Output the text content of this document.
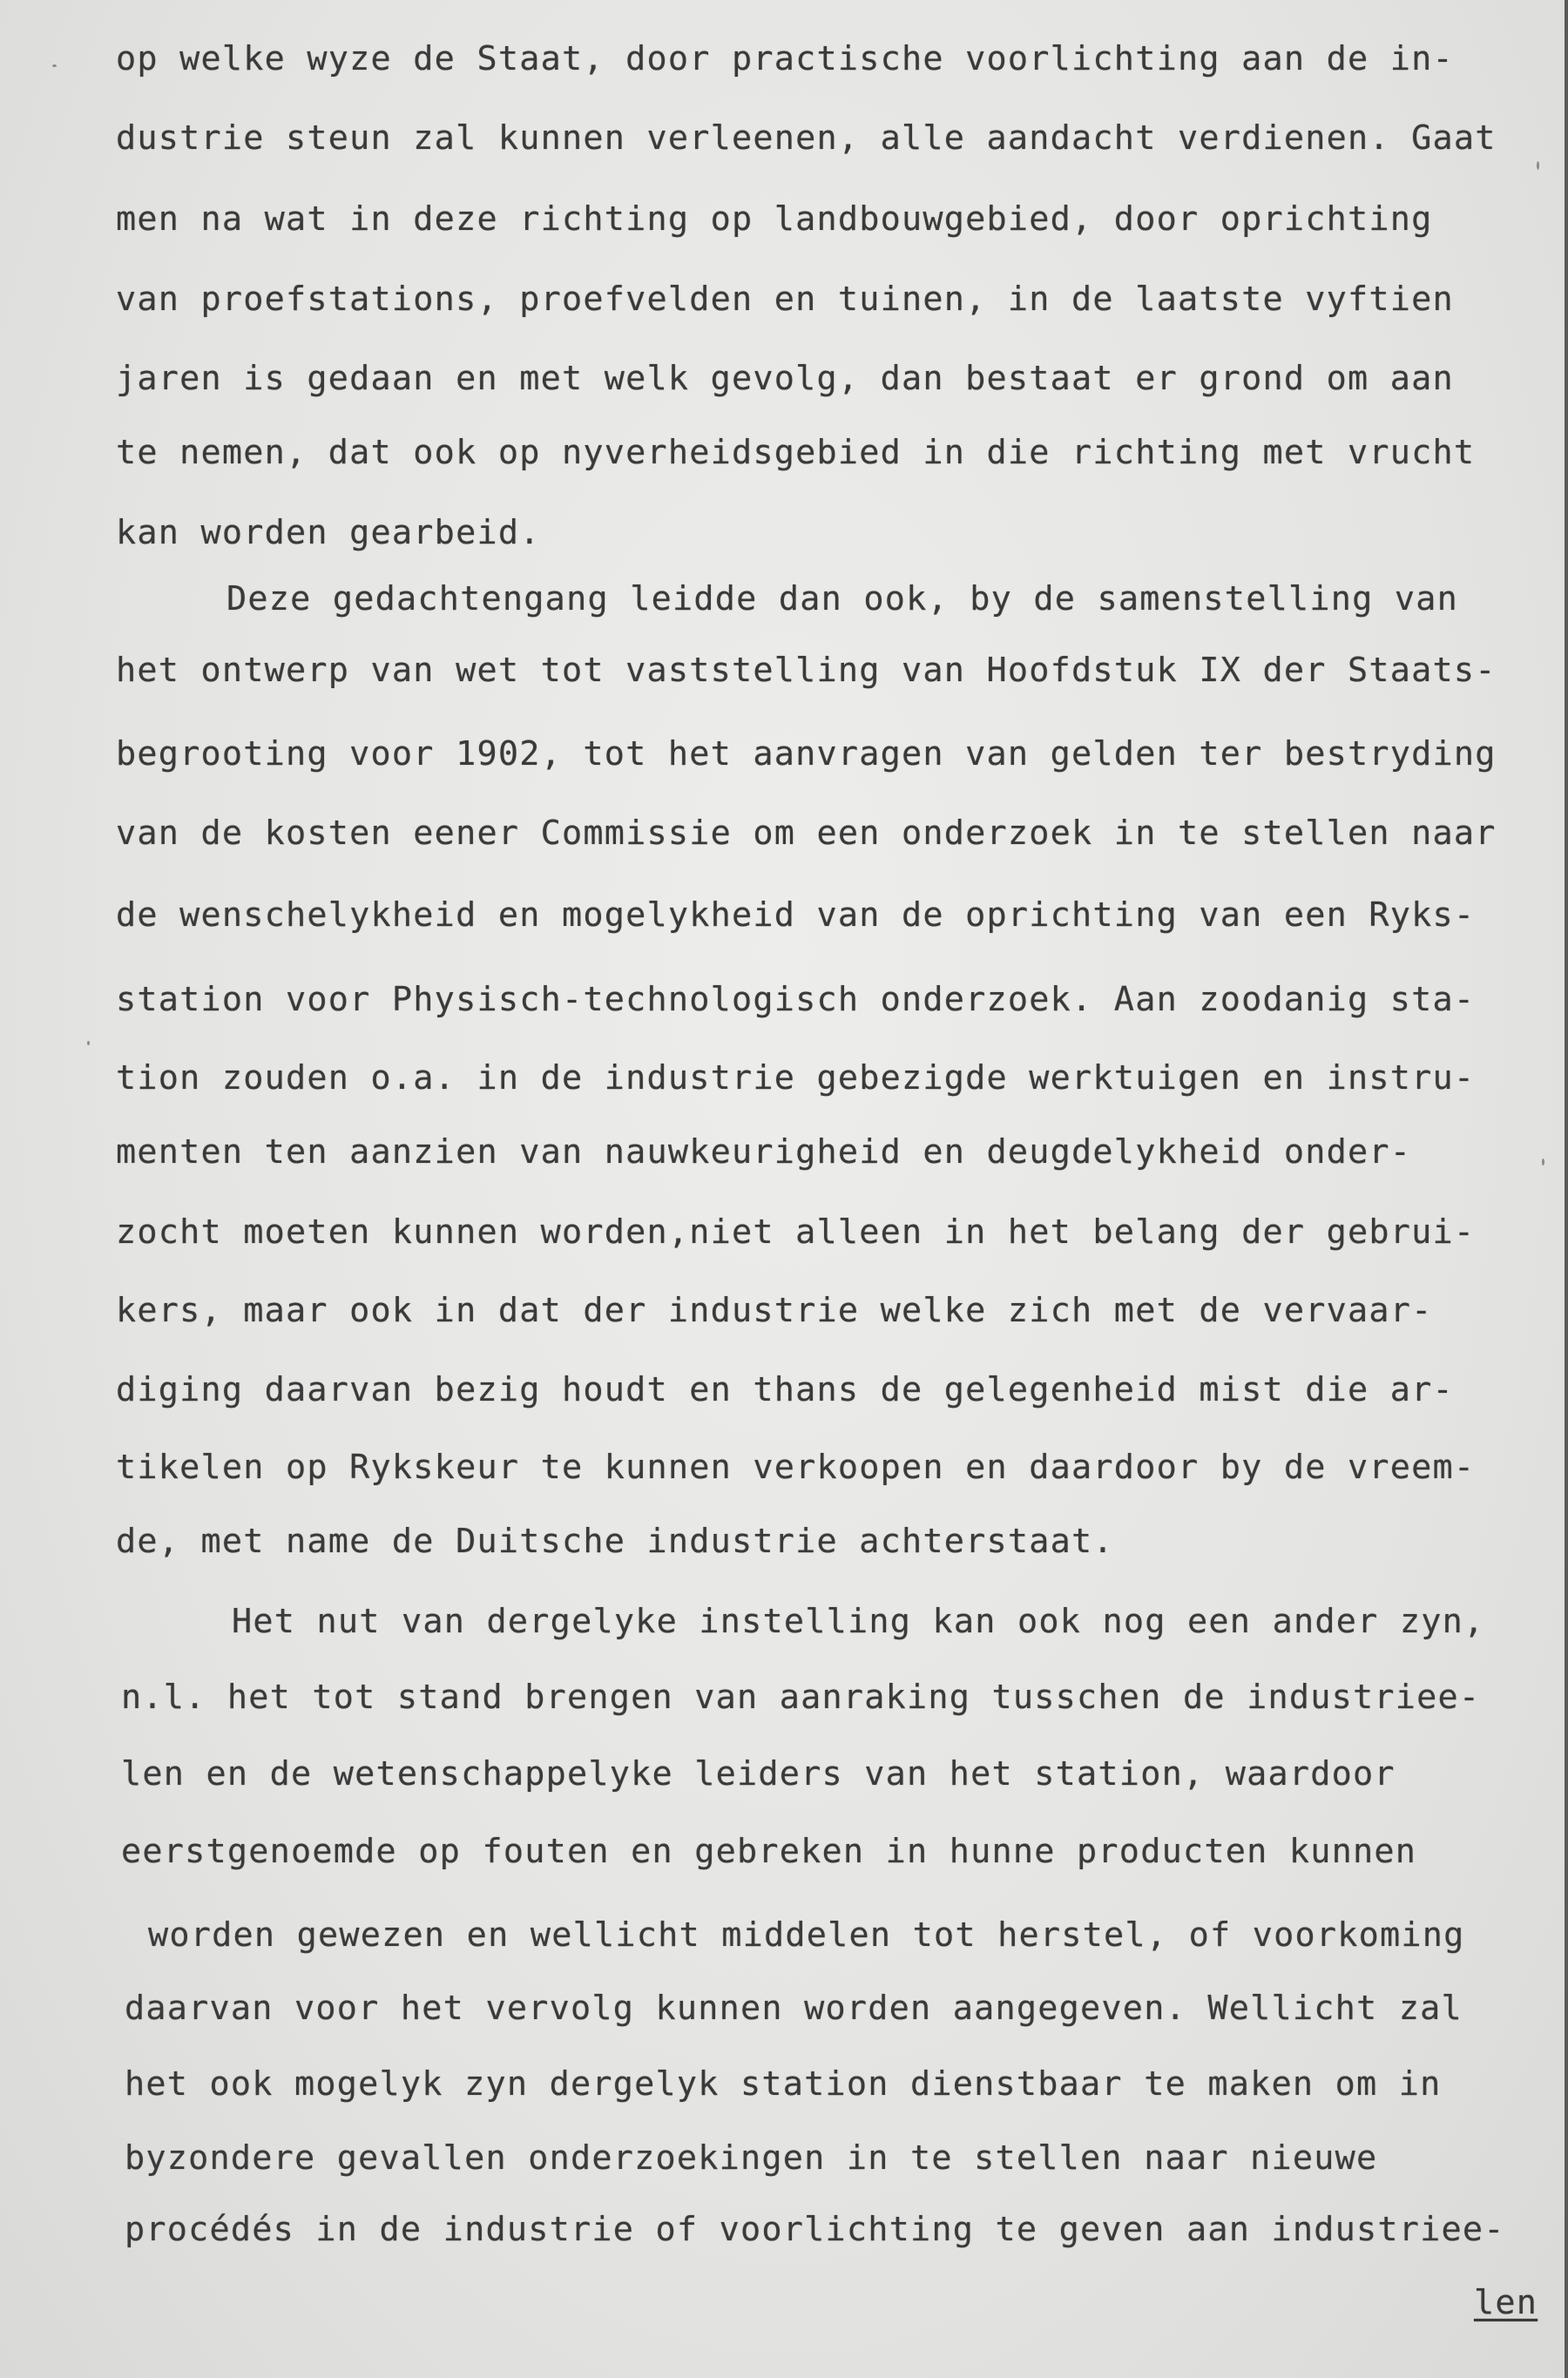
op welke wyze de Staat, door practische voorlichting aan de in-
dustrie steun zal kunnen verleenen, alle aandacht verdienen. Gaat
men na wat in deze richting op landbouwgebied, door oprichting
van proefstations, proefvelden en tuinen, in de laatste vyftien
jaren is gedaan en met welk gevolg, dan bestaat er grond om aan
te nemen, dat ook op nyverheidsgebied in die richting met vrucht
kan worden gearbeid.
Deze gedachtengang leidde dan ook, by de samenstelling van
het ontwerp van wet tot vaststelling van Hoofdstuk IX der Staats-
begrooting voor 1902, tot het aanvragen van gelden ter bestryding
van de kosten eener Commissie om een onderzoek in te stellen naar
de wenschelykheid en mogelykheid van de oprichting van een Ryks-
station voor Physisch-technologisch onderzoek. Aan zoodanig sta-
tion zouden o.a. in de industrie gebezigde werktuigen en instru-
menten ten aanzien van nauwkeurigheid en deugdelykheid onder-
zocht moeten kunnen worden,niet alleen in het belang der gebrui-
kers, maar ook in dat der industrie welke zich met de vervaar-
diging daarvan bezig houdt en thans de gelegenheid mist die ar-
tikelen op Rykskeur te kunnen verkoopen en daardoor by de vreem-
de, met name de Duitsche industrie achterstaat.
Het nut van dergelyke instelling kan ook nog een ander zyn,
n.l. het tot stand brengen van aanraking tusschen de industriee-
len en de wetenschappelyke leiders van het station, waardoor
eerstgenoemde op fouten en gebreken in hunne producten kunnen
worden gewezen en wellicht middelen tot herstel, of voorkoming
daarvan voor het vervolg kunnen worden aangegeven. Wellicht zal
het ook mogelyk zyn dergelyk station dienstbaar te maken om in
byzondere gevallen onderzoekingen in te stellen naar nieuwe
procédés in de industrie of voorlichting te geven aan industriee-
len
